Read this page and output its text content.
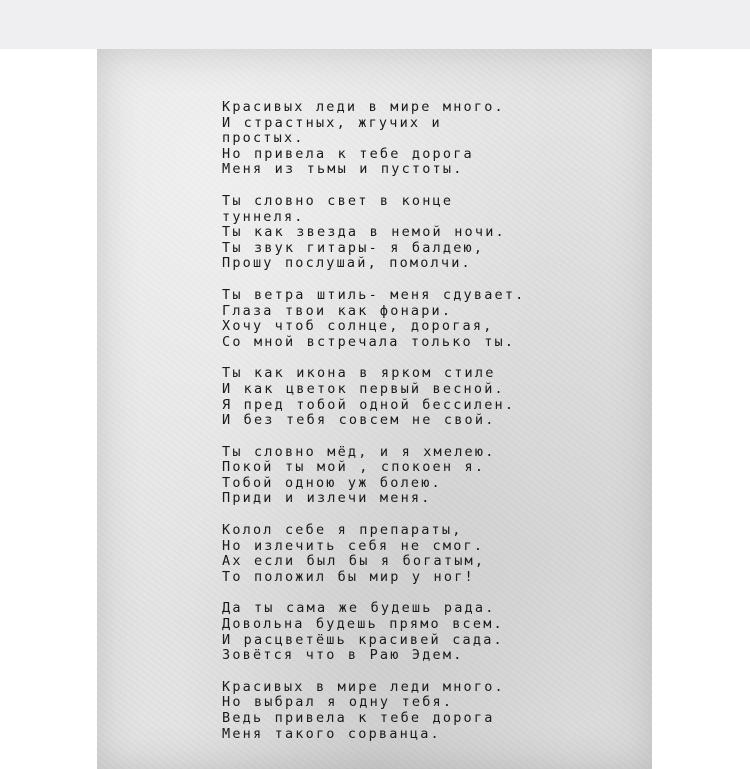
Красивых леди в мире много.
И страстных, жгучих и
простых.
Но привела к тебе дорога
Меня из тьмы и пустоты.
Ты словно свет в конце
туннеля.
Ты как звезда в немой ночи.
Ты звук гитары- я балдею,
Прошу послушай, помолчи.
Ты ветра штиль- меня сдувает.
Глаза твои как фонари.
Хочу чтоб солнце, дорогая,
Со мной встречала только ты.
Ты как икона в ярком стиле
И как цветок первый весной.
Я пред тобой одной бессилен.
И без тебя совсем не свой.
Ты словно мёд, и я хмелею.
Покой ты мой , спокоен я.
Тобой одною уж болею.
Приди и излечи меня.
Колол себе я препараты,
Но излечить себя не смог.
Ах если был бы я богатым,
То положил бы мир у ног!
Да ты сама же будешь рада.
Довольна будешь прямо всем.
И расцветёшь красивей сада.
Зовётся что в Раю Эдем.
Красивых в мире леди много.
Но выбрал я одну тебя.
Ведь привела к тебе дорога
Меня такого сорванца.
